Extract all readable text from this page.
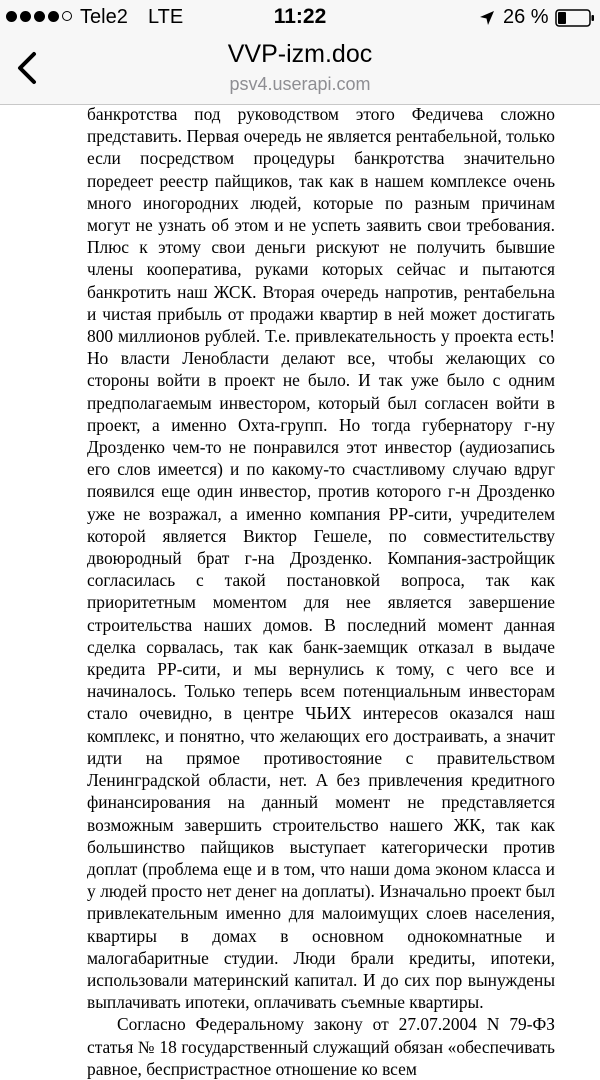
Tele2 LTE	11:22	26 %
VVP-izm.doc
psv4.userapi.com

банкротства под руководством этого Федичева сложно представить. Первая очередь не является рентабельной, только если посредством процедуры банкротства значительно поредеет реестр пайщиков, так как в нашем комплексе очень много иногородних людей, которые по разным причинам могут не узнать об этом и не успеть заявить свои требования. Плюс к этому свои деньги рискуют не получить бывшие члены кооператива, руками которых сейчас и пытаются банкротить наш ЖСК. Вторая очередь напротив, рентабельна и чистая прибыль от продажи квартир в ней может достигать 800 миллионов рублей. Т.е. привлекательность у проекта есть! Но власти Ленобласти делают все, чтобы желающих со стороны войти в проект не было. И так уже было с одним предполагаемым инвестором, который был согласен войти в проект, а именно Охта-групп. Но тогда губернатору г-ну Дрозденко чем-то не понравился этот инвестор (аудиозапись его слов имеется) и по какому-то счастливому случаю вдруг появился еще один инвестор, против которого г-н Дрозденко уже не возражал, а именно компания РР-сити, учредителем которой является Виктор Гешеле, по совместительству двоюродный брат г-на Дрозденко. Компания-застройщик согласилась с такой постановкой вопроса, так как приоритетным моментом для нее является завершение строительства наших домов. В последний момент данная сделка сорвалась, так как банк-заемщик отказал в выдаче кредита РР-сити, и мы вернулись к тому, с чего все и начиналось. Только теперь всем потенциальным инвесторам стало очевидно, в центре ЧЬИХ интересов оказался наш комплекс, и понятно, что желающих его достраивать, а значит идти на прямое противостояние с правительством Ленинградской области, нет. А без привлечения кредитного финансирования на данный момент не представляется возможным завершить строительство нашего ЖК, так как большинство пайщиков выступает категорически против доплат (проблема еще и в том, что наши дома эконом класса и у людей просто нет денег на доплаты). Изначально проект был привлекательным именно для малоимущих слоев населения, квартиры в домах в основном однокомнатные и малогабаритные студии. Люди брали кредиты, ипотеки, использовали материнский капитал. И до сих пор вынуждены выплачивать ипотеки, оплачивать съемные квартиры.

Согласно Федеральному закону от 27.07.2004 N 79-ФЗ статья № 18 государственный служащий обязан «обеспечивать равное, беспристрастное отношение ко всем
